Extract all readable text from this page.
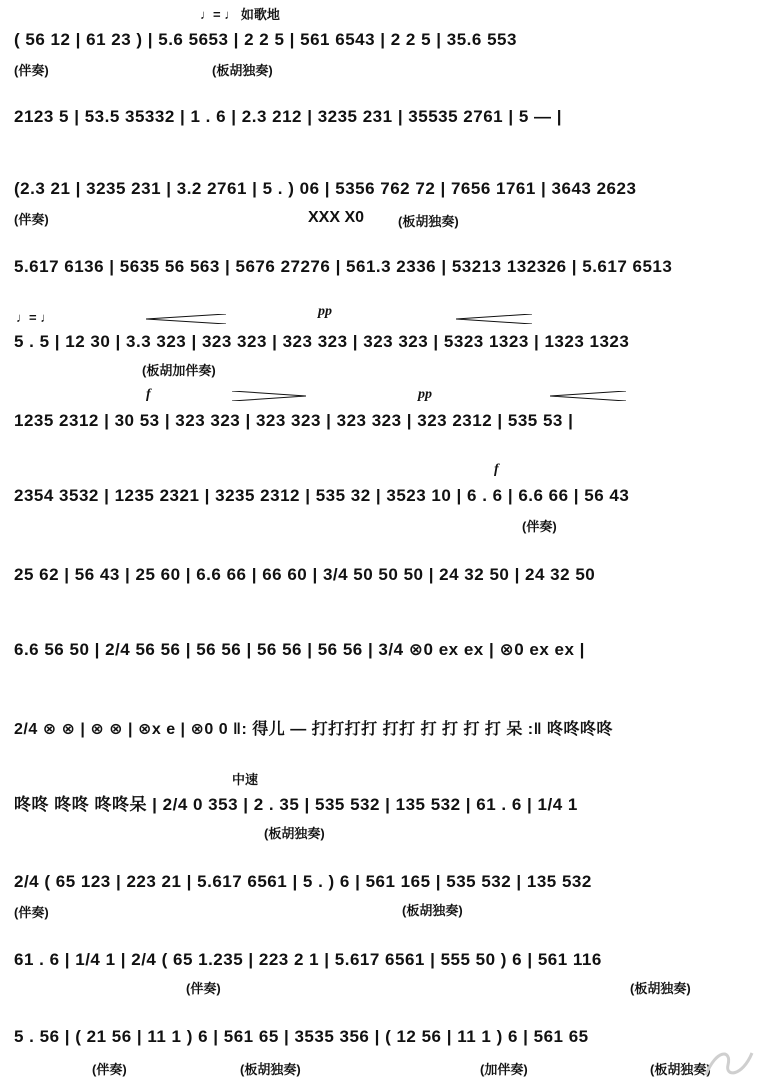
♩= ♩ 如歌地
( 56 12 | 61 23 ) | 5.6 5653 | 2 2 5 | 561 6543 | 2 2 5 | 35.6 553
(伴奏)	(板胡独奏)
2123 5 | 53.5 35332 | 1 . 6 | 2.3 212 | 3235 231 | 35535 2761 | 5 — |
(2.3 21 | 3235 231 | 3.2 2761 | 5 . ) 06 | 5356 762 72 | 7656 1761 | 3643 2623
(伴奏)	XXX X0	(板胡独奏)
5.617 6136 | 5635 56 563 | 5676 27276 | 561.3 2336 | 53213 132326 | 5.617 6513
♩= ♩	pp
5 . 5 | 12 30 | 3.3 323 | 323 323 | 323 323 | 323 323 | 5323 1323 | 1323 1323
(板胡加伴奏)
f	pp
1235 2312 | 30 53 | 323 323 | 323 323 | 323 323 | 323 2312 | 535 53 |
f
2354 3532 | 1235 2321 | 3235 2312 | 535 32 | 3523 10 | 6 . 6 | 6.6 66 | 56 43
(伴奏)
25 62 | 56 43 | 25 60 | 6.6 66 | 66 60 | 3/4 50 50 50 | 24 32 50 | 24 32 50
6.6 56 50 | 2/4 56 56 | 56 56 | 56 56 | 56 56 | 3/4 ⊗0 ex ex | ⊗0 ex ex |
2/4 ⊗ ⊗ | ⊗ ⊗ | ⊗x e | ⊗0 0 ‖: 得儿 — 打打打打 打打 打 打 打 打 呆 :‖ 咚咚咚咚
中速
咚咚 咚咚 咚咚呆 | 2/4 0 353 | 2 . 35 | 535 532 | 135 532 | 61 . 6 | 1/4 1
(板胡独奏)
2/4 ( 65 123 | 223 21 | 5.617 6561 | 5 . ) 6 | 561 165 | 535 532 | 135 532
(伴奏)	(板胡独奏)
61 . 6 | 1/4 1 | 2/4 ( 65 1.235 | 223 2 1 | 5.617 6561 | 555 50 ) 6 | 561 116
(伴奏)	(板胡独奏)
5 . 56 | ( 21 56 | 11 1 ) 6 | 561 65 | 3535 356 | ( 12 56 | 11 1 ) 6 | 561 65
(伴奏)	(板胡独奏)	(加伴奏)	(板胡独奏)
